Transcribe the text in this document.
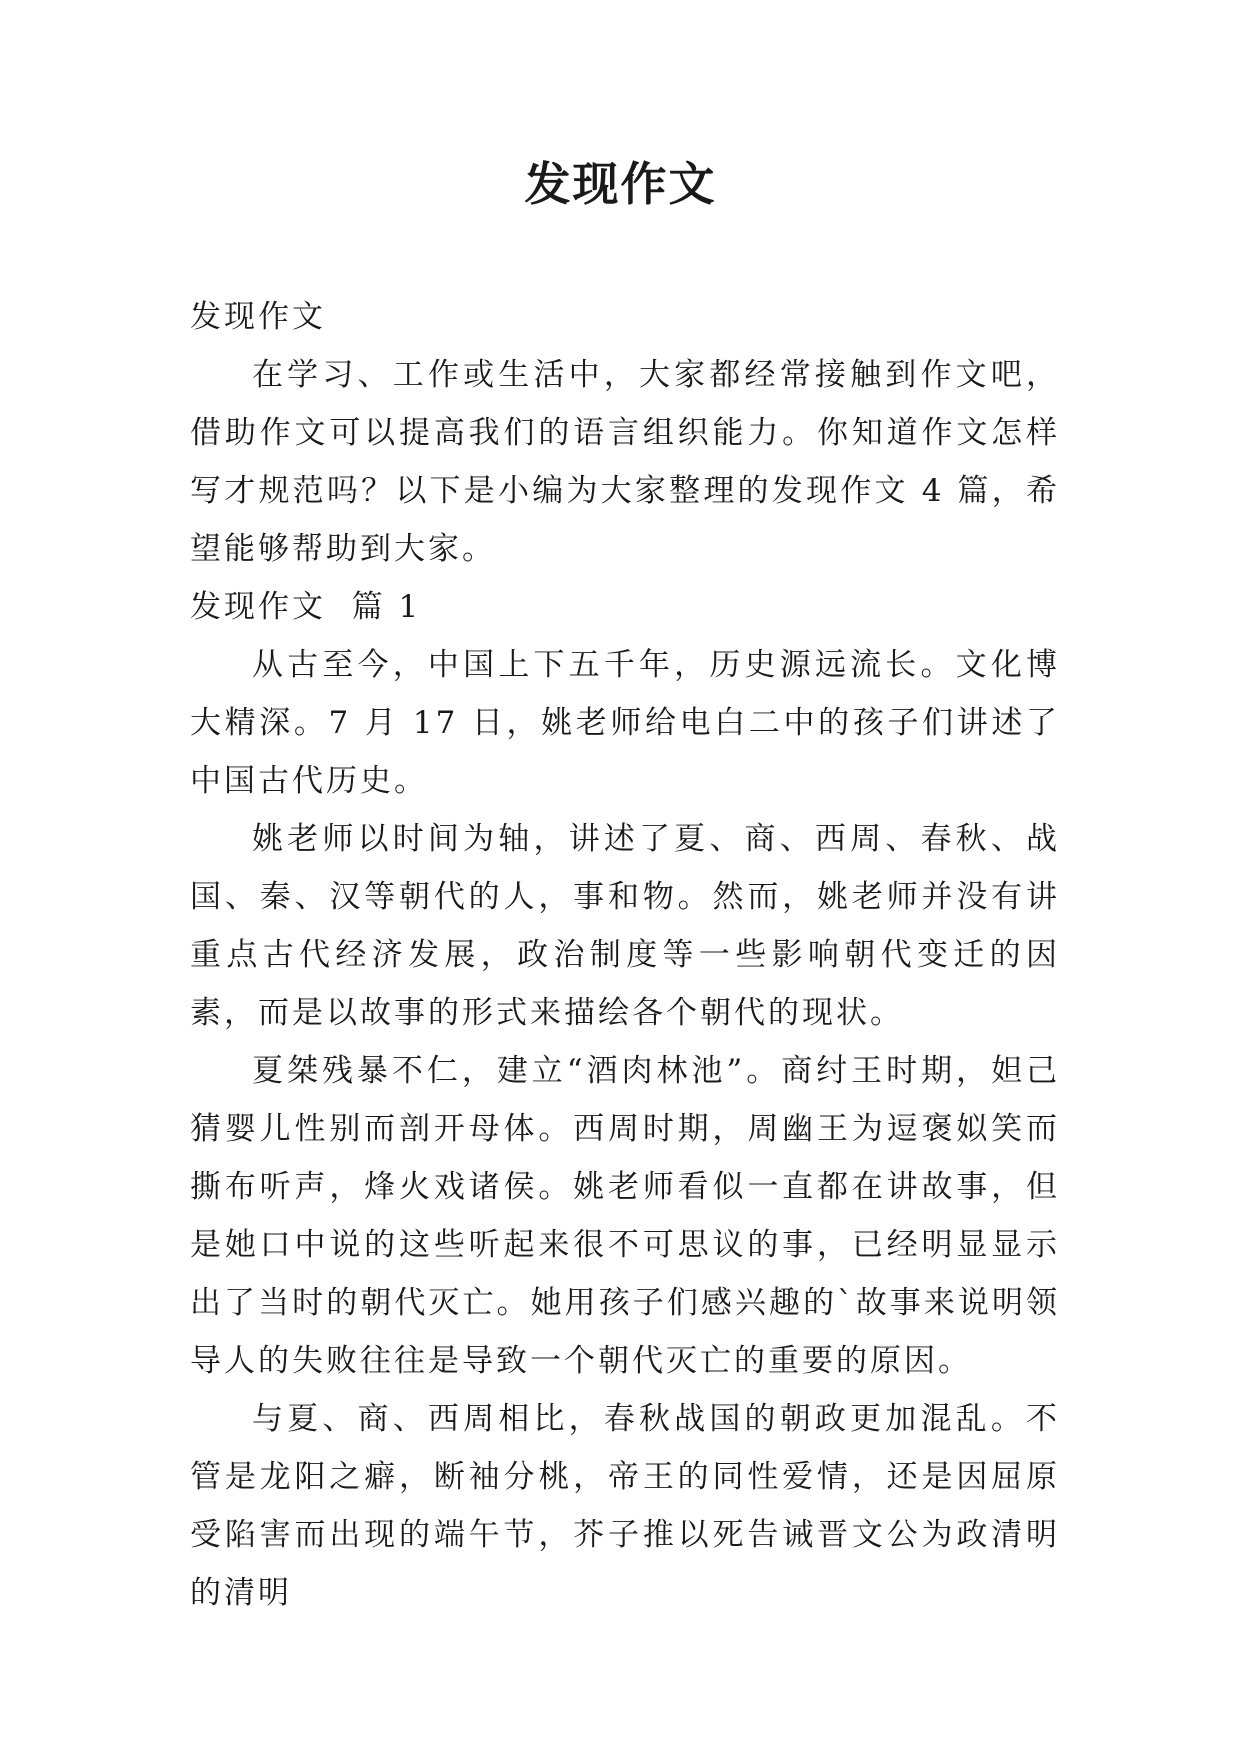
发现作文

发现作文

在学习、工作或生活中，大家都经常接触到作文吧，借助作文可以提高我们的语言组织能力。你知道作文怎样写才规范吗？以下是小编为大家整理的发现作文 4 篇，希望能够帮助到大家。

发现作文  篇 1

从古至今，中国上下五千年，历史源远流长。文化博大精深。7 月 17 日，姚老师给电白二中的孩子们讲述了中国古代历史。

姚老师以时间为轴，讲述了夏、商、西周、春秋、战国、秦、汉等朝代的人，事和物。然而，姚老师并没有讲重点古代经济发展，政治制度等一些影响朝代变迁的因素，而是以故事的形式来描绘各个朝代的现状。

夏桀残暴不仁，建立“酒肉林池”。商纣王时期，妲己猜婴儿性别而剖开母体。西周时期，周幽王为逗褒姒笑而撕布听声，烽火戏诸侯。姚老师看似一直都在讲故事，但是她口中说的这些听起来很不可思议的事，已经明显显示出了当时的朝代灭亡。她用孩子们感兴趣的`故事来说明领导人的失败往往是导致一个朝代灭亡的重要的原因。

与夏、商、西周相比，春秋战国的朝政更加混乱。不管是龙阳之癖，断袖分桃，帝王的同性爱情，还是因屈原受陷害而出现的端午节，芥子推以死告诫晋文公为政清明的清明
